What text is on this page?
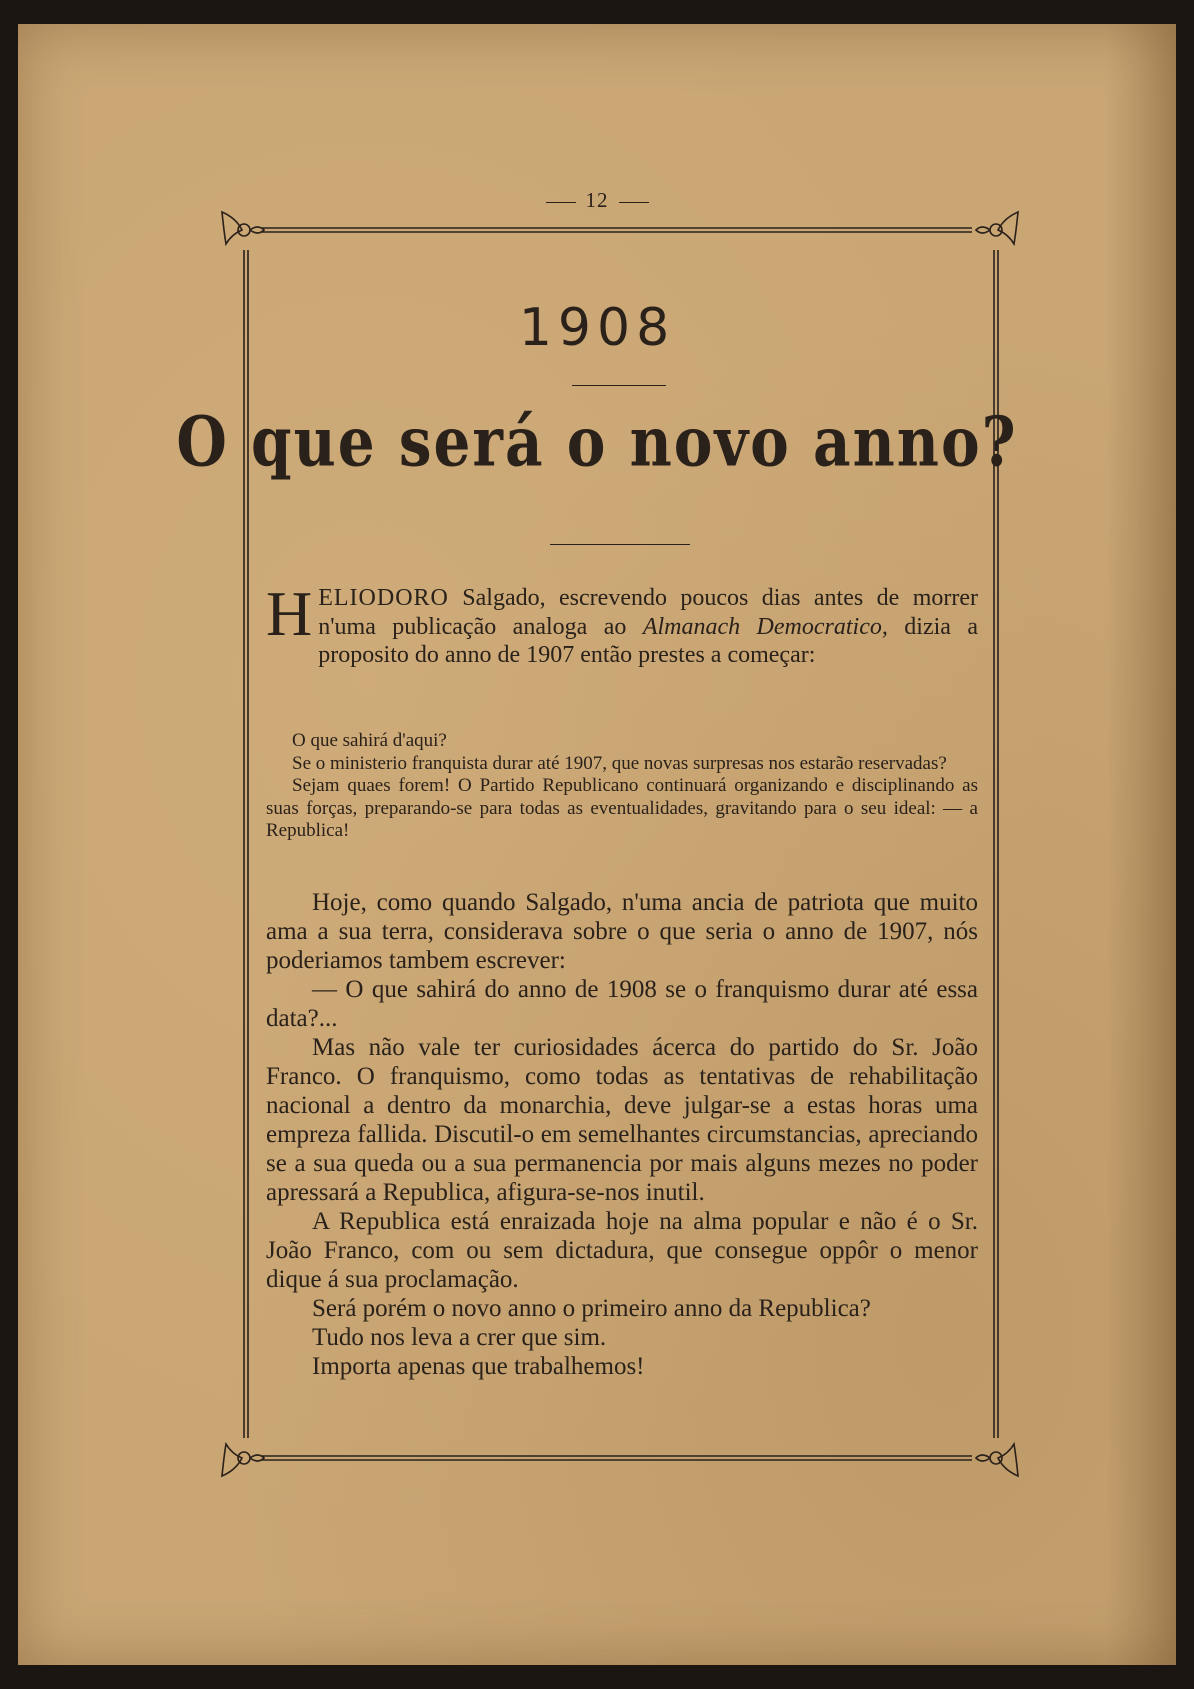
12
1908
O que será o novo anno?
H ELIODORO Salgado, escrevendo poucos dias antes de morrer n'uma publicação analoga ao Almanach Democratico, dizia a proposito do anno de 1907 então prestes a começar:

O que sahirá d'aqui?

Se o ministerio franquista durar até 1907, que novas surpresas nos estarão reservadas?

Sejam quaes forem! O Partido Republicano continuará organizando e disciplinando as suas forças, preparando-se para todas as eventualidades, gravitando para o seu ideal: — a Republica!

Hoje, como quando Salgado, n'uma ancia de patriota que muito ama a sua terra, considerava sobre o que seria o anno de 1907, nós poderiamos tambem escrever:

— O que sahirá do anno de 1908 se o franquismo durar até essa data?...

Mas não vale ter curiosidades ácerca do partido do Sr. João Franco. O franquismo, como todas as tentativas de rehabilitação nacional a dentro da monarchia, deve julgar-se a estas horas uma empreza fallida. Discutil-o em semelhantes circumstancias, apreciando se a sua queda ou a sua permanencia por mais alguns mezes no poder apressará a Republica, afigura-se-nos inutil.

A Republica está enraizada hoje na alma popular e não é o Sr. João Franco, com ou sem dictadura, que consegue oppôr o menor dique á sua proclamação.

Será porém o novo anno o primeiro anno da Republica?

Tudo nos leva a crer que sim.

Importa apenas que trabalhemos!
